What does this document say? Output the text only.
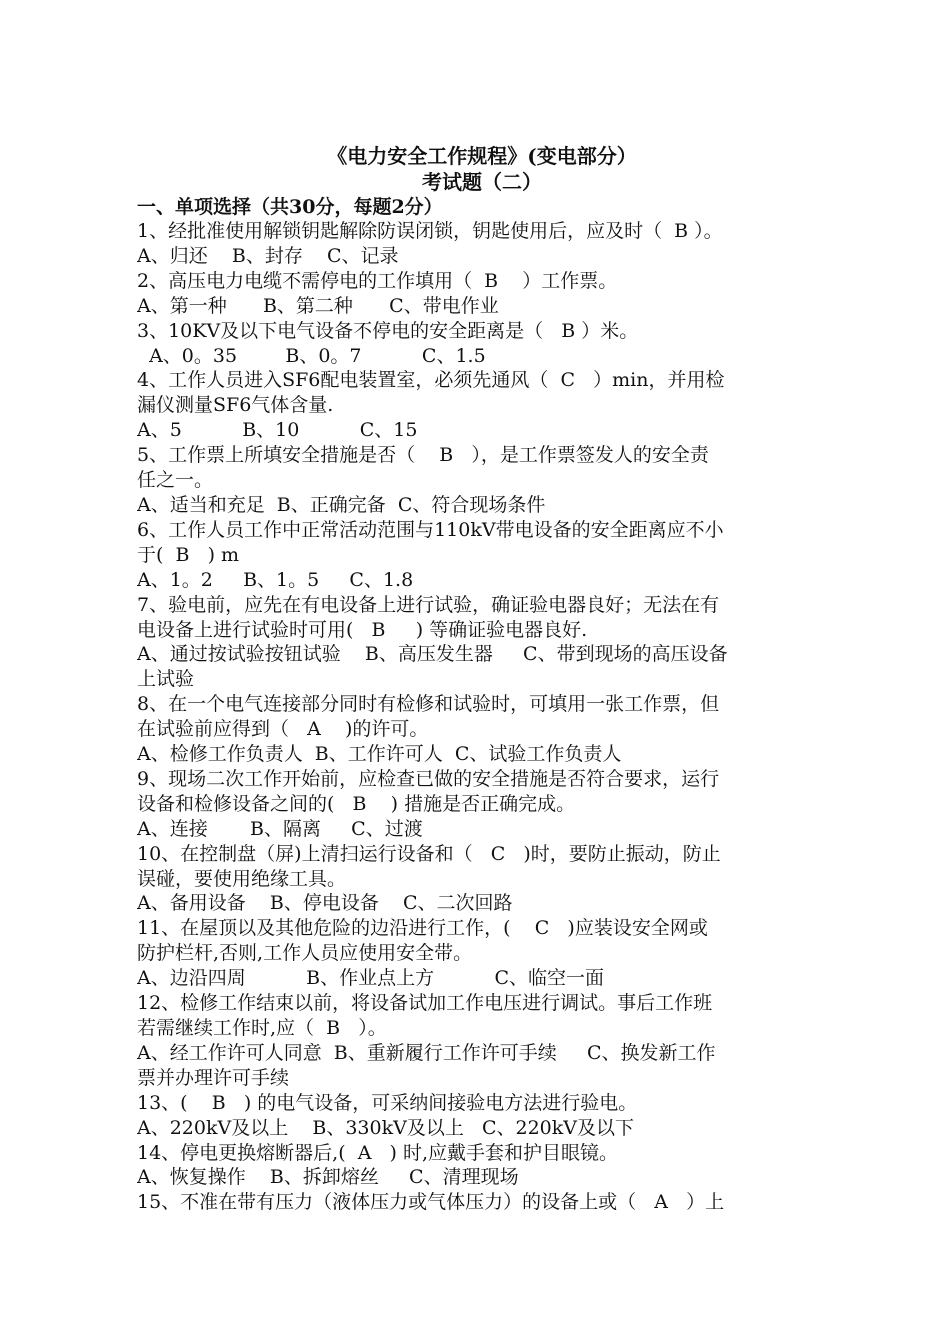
《电力安全工作规程》(变电部分）
考试题（二）
一、单项选择（共30分，每题2分）
1、经批准使用解锁钥匙解除防误闭锁，钥匙使用后，应及时（  B ）。
A、归还    B、封存    C、记录
2、高压电力电缆不需停电的工作填用（  B    ）工作票。
A、第一种      B、第二种      C、带电作业
3、10KV及以下电气设备不停电的安全距离是（   B ）米。
A、0。35        B、0。7          C、1.5
4、工作人员进入SF6配电装置室，必须先通风（  C   ）min，并用检
漏仪测量SF6气体含量.
A、5          B、10          C、15
5、工作票上所填安全措施是否（    B   ），是工作票签发人的安全责
任之一。
A、适当和充足  B、正确完备  C、符合现场条件
6、工作人员工作中正常活动范围与110kV带电设备的安全距离应不小
于(  B   ) m
A、1。2     B、1。5     C、1.8
7、验电前，应先在有电设备上进行试验，确证验电器良好；无法在有
电设备上进行试验时可用(   B     ) 等确证验电器良好.
A、通过按试验按钮试验    B、高压发生器     C、带到现场的高压设备
上试验
8、在一个电气连接部分同时有检修和试验时，可填用一张工作票，但
在试验前应得到（   A    )的许可。
A、检修工作负责人  B、工作许可人  C、试验工作负责人
9、现场二次工作开始前，应检查已做的安全措施是否符合要求，运行
设备和检修设备之间的(   B    ) 措施是否正确完成。
A、连接       B、隔离     C、过渡
10、在控制盘（屏)上清扫运行设备和（   C   )时，要防止振动，防止
误碰，要使用绝缘工具。
A、备用设备    B、停电设备    C、二次回路
11、在屋顶以及其他危险的边沿进行工作，(    C   )应装设安全网或
防护栏杆,否则,工作人员应使用安全带。
A、边沿四周          B、作业点上方          C、临空一面
12、检修工作结束以前，将设备试加工作电压进行调试。事后工作班
若需继续工作时,应（  B   ）。
A、经工作许可人同意  B、重新履行工作许可手续     C、换发新工作
票并办理许可手续
13、(    B   ) 的电气设备，可采纳间接验电方法进行验电。
A、220kV及以上    B、330kV及以上   C、220kV及以下
14、停电更换熔断器后,(  A   ) 时,应戴手套和护目眼镜。
A、恢复操作    B、拆卸熔丝     C、清理现场
15、不准在带有压力（液体压力或气体压力）的设备上或（   A   ）上
